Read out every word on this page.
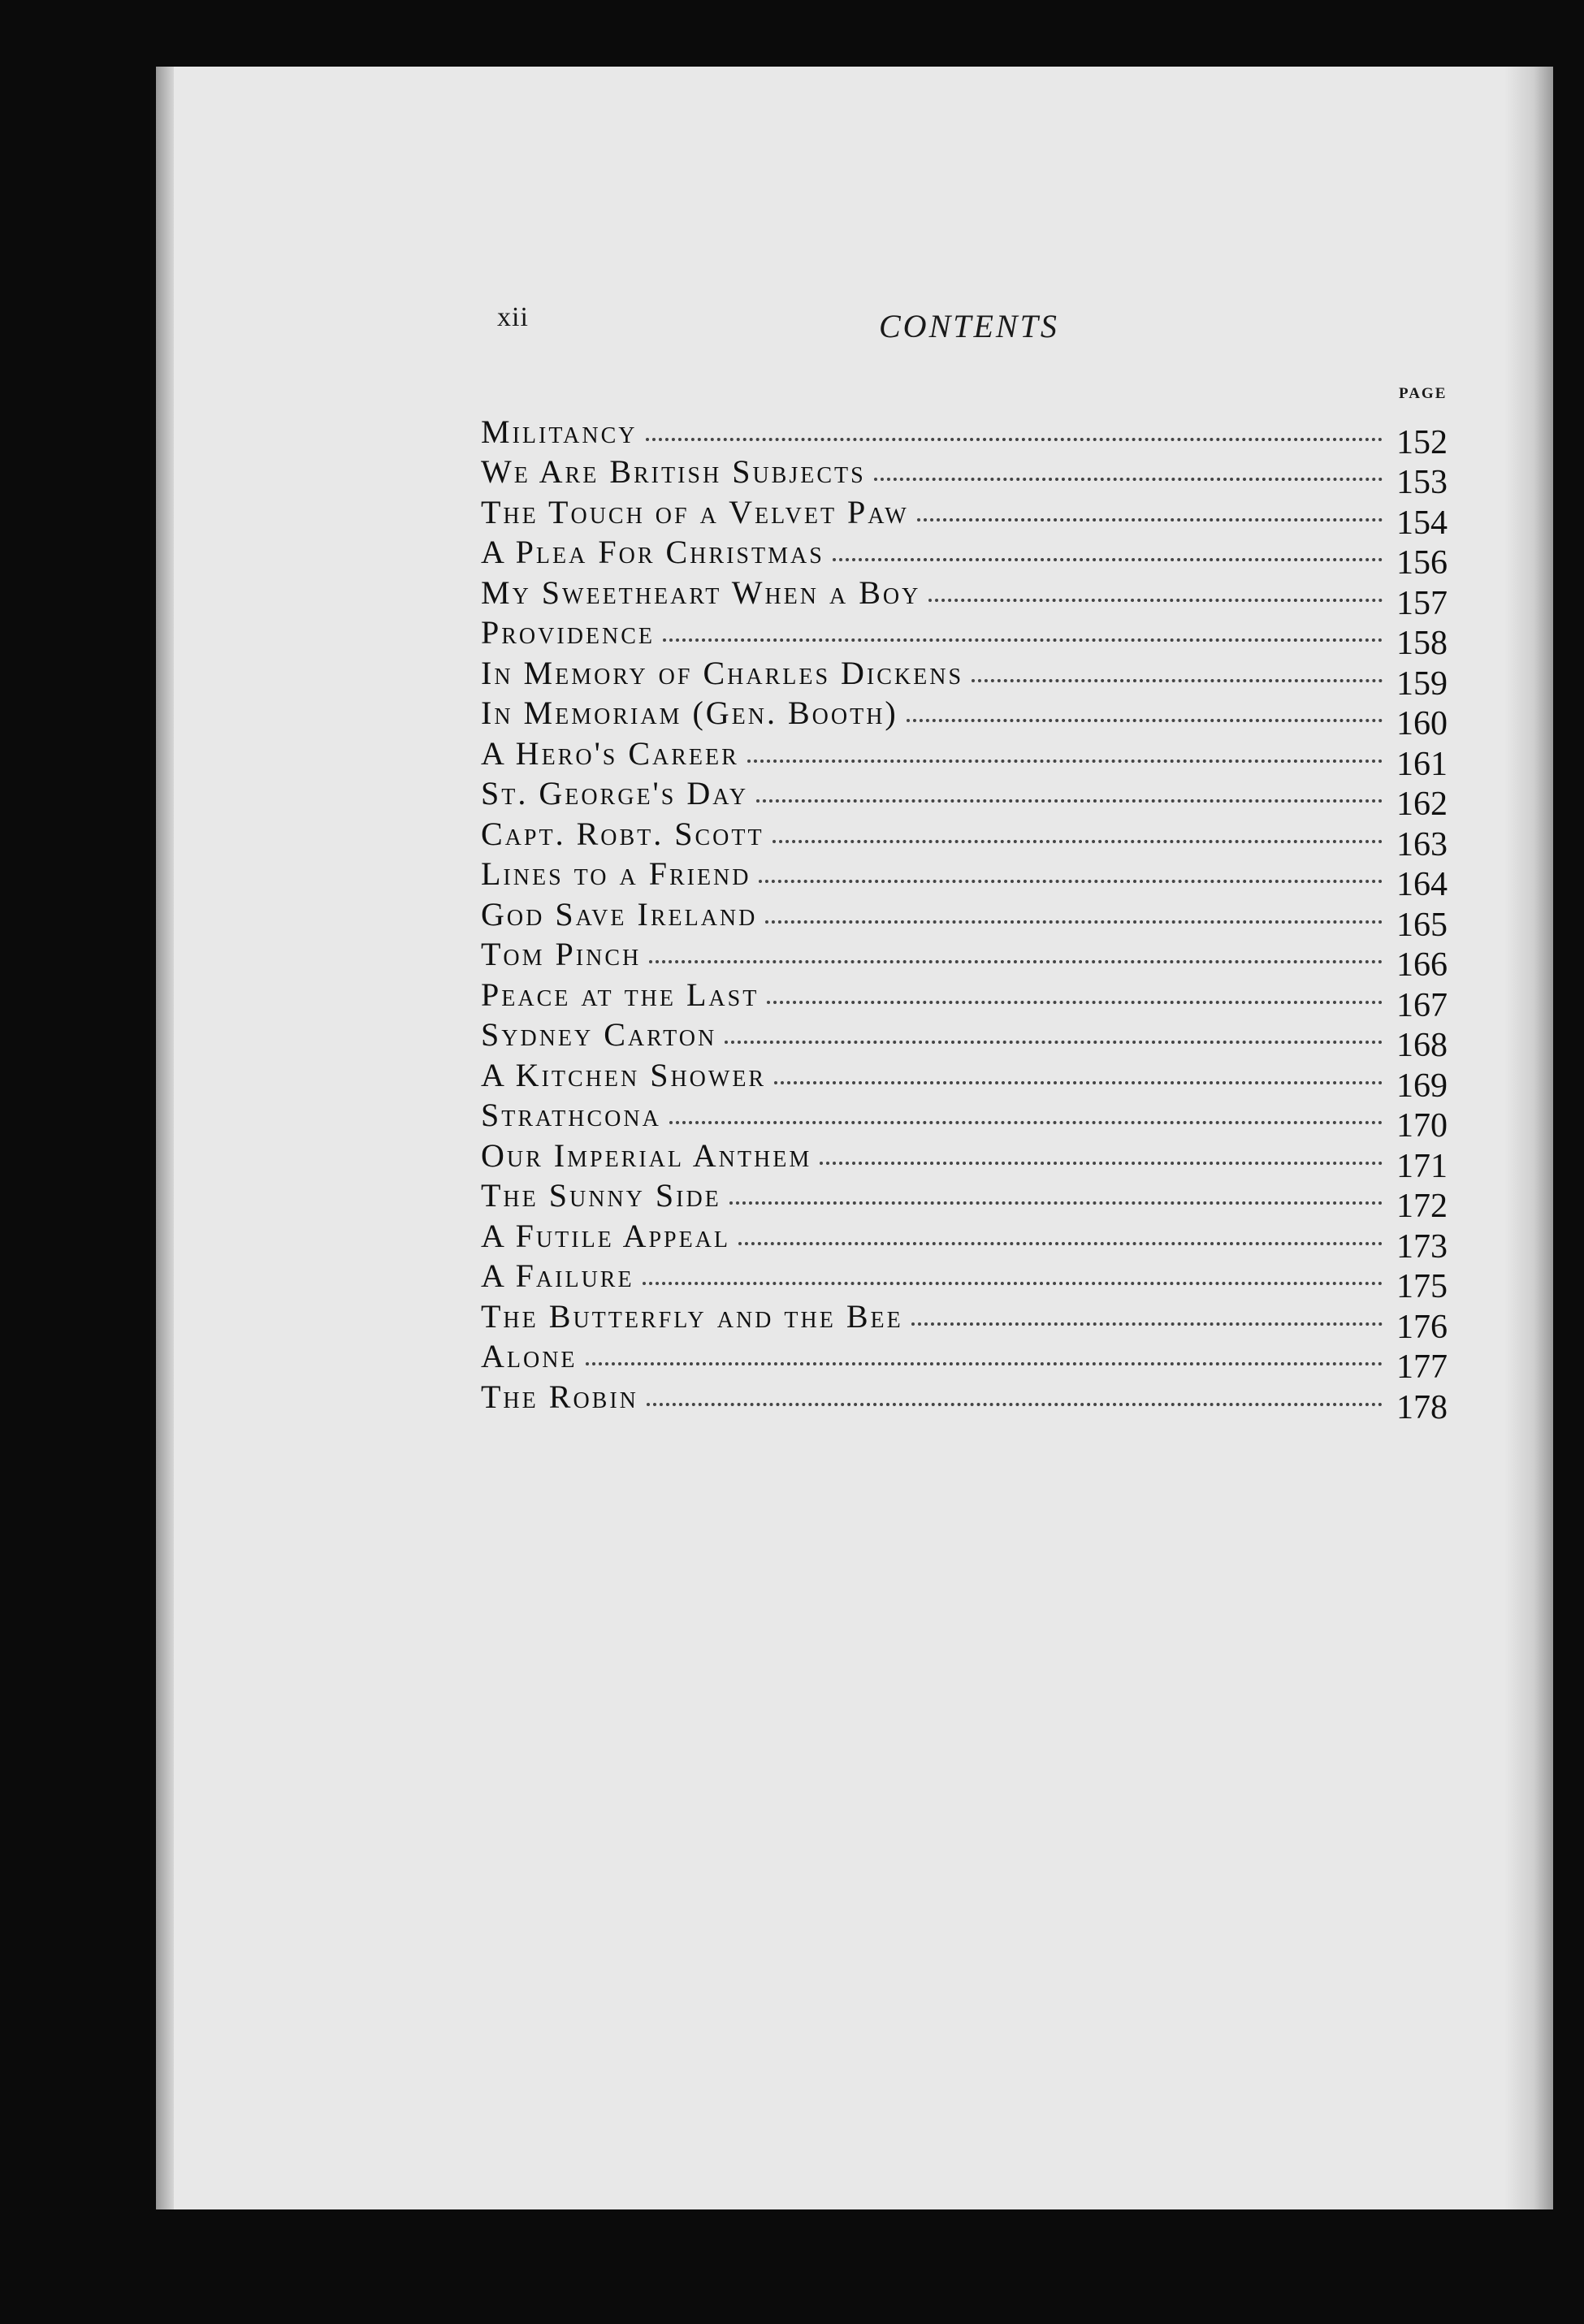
xii	CONTENTS
PAGE
Militancy	152
We Are British Subjects	153
The Touch of a Velvet Paw	154
A Plea For Christmas	156
My Sweetheart When a Boy	157
Providence	158
In Memory of Charles Dickens	159
In Memoriam (Gen. Booth)	160
A Hero's Career	161
St. George's Day	162
Capt. Robt. Scott	163
Lines to a Friend	164
God Save Ireland	165
Tom Pinch	166
Peace at the Last	167
Sydney Carton	168
A Kitchen Shower	169
Strathcona	170
Our Imperial Anthem	171
The Sunny Side	172
A Futile Appeal	173
A Failure	175
The Butterfly and the Bee	176
Alone	177
The Robin	178
